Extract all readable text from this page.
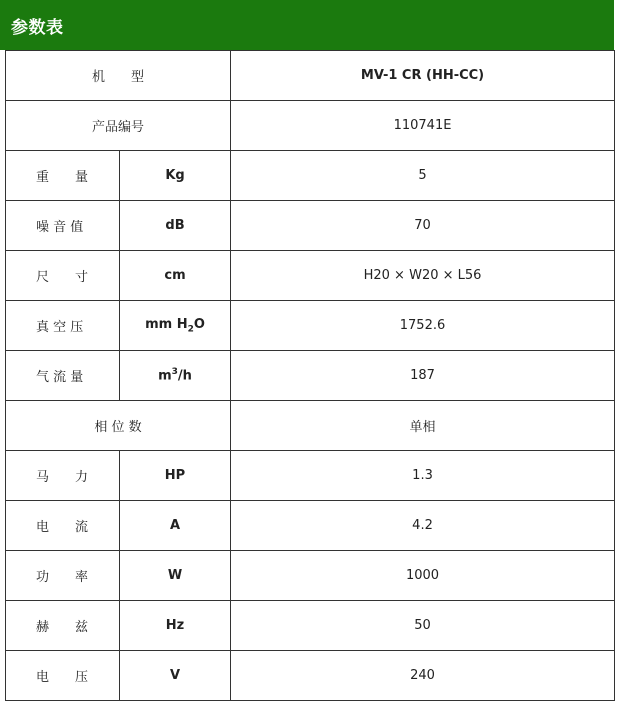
参数表
机　　型		MV-1 CR (HH-CC)
产品编号		110741E
重　　量	Kg	5
噪 音 值	dB	70
尺　　寸	cm	H20 × W20 × L56
真 空 压	mm $H_2O$	1752.6
气 流 量	$m^3/h$	187
相 位 数		单相
马　　力	HP	1.3
电　　流	A	4.2
功　　率	W	1000
赫　　兹	Hz	50
电　　压	V	240
